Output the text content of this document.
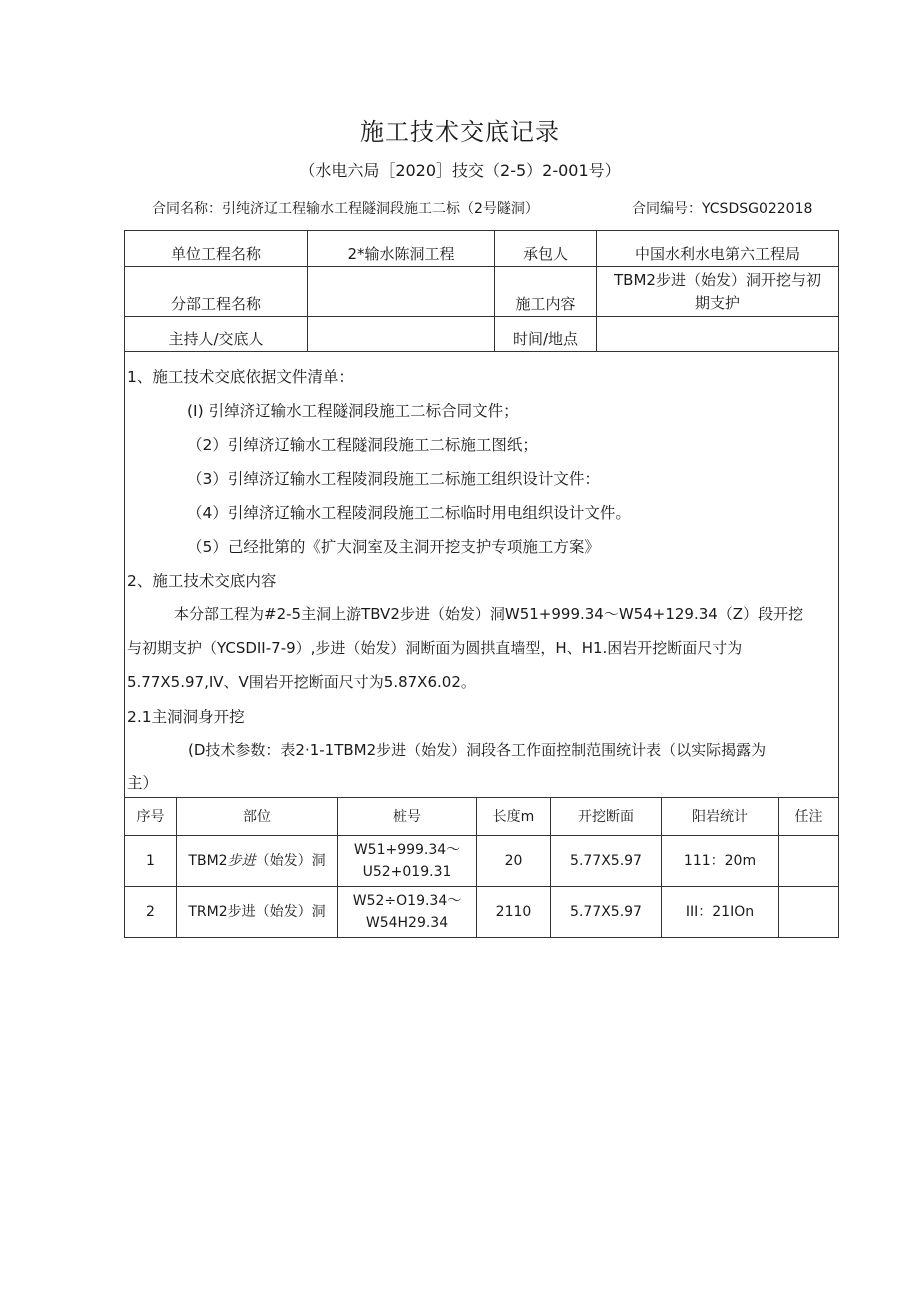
施工技术交底记录
（水电六局［2020］技交（2-5）2-001号）
合同名称：引纯济辽工程输水工程隧洞段施工二标（2号隧洞）	合同编号：YCSDSG022018
单位工程名称	2*输水陈洞工程	承包人	中国水利水电第六工程局
分部工程名称		施工内容	TBM2步进（始发）洞开挖与初
期支护

主持人/交底人		时间/地点	
1、施工技术交底依据文件清单：
(I) 引绰济辽输水工程隧洞段施工二标合同文件；
（2）引绰济辽输水工程隧洞段施工二标施工图纸；
（3）引绰济辽输水工程陵洞段施工二标施工组织设计文件：
（4）引绰济辽输水工程陵洞段施工二标临时用电组织设计文件。
（5）己经批第的《扩大洞室及主洞开挖支护专项施工方案》
2、施工技术交底内容
本分部工程为#2-5主洞上游TBV2步进（始发）洞W51+999.34〜W54+129.34（Z）段开挖
与初期支护（YCSDII-7-9）,步进（始发）洞断面为圆拱直墙型，H、H1.困岩开挖断面尺寸为
5.77X5.97,IV、V围岩开挖断面尺寸为5.87X6.02。
2.1主洞洞身开挖
(D技术参数：表2·1-1TBM2步进（始发）洞段各工作面控制范围统计表（以实际揭露为
主）
序号	部位	桩号	长度m	开挖断面	阳岩统计	任注
1	TBM2步进（始发）洞	W51+999.34〜
U52+019.31	20	5.77X5.97	111：20m	
2	TRM2步进（始发）洞	W52÷O19.34〜
W54H29.34	2110	5.77X5.97	III：21IOn	
